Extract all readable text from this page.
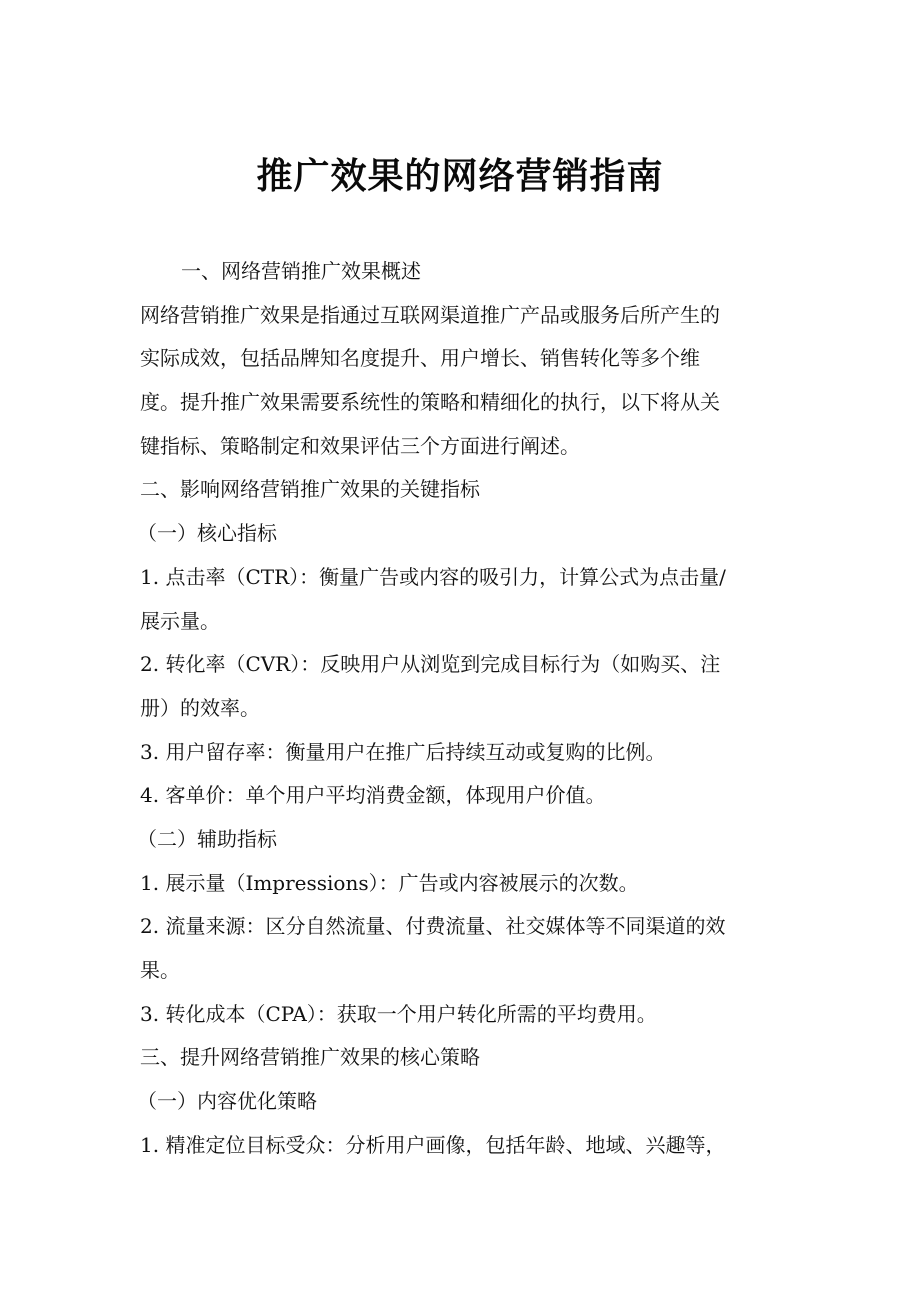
推广效果的网络营销指南
一、网络营销推广效果概述
网络营销推广效果是指通过互联网渠道推广产品或服务后所产生的
实际成效，包括品牌知名度提升、用户增长、销售转化等多个维
度。提升推广效果需要系统性的策略和精细化的执行，以下将从关
键指标、策略制定和效果评估三个方面进行阐述。
二、影响网络营销推广效果的关键指标
（一）核心指标
1. 点击率（CTR）：衡量广告或内容的吸引力，计算公式为点击量/
展示量。
2. 转化率（CVR）：反映用户从浏览到完成目标行为（如购买、注
册）的效率。
3. 用户留存率：衡量用户在推广后持续互动或复购的比例。
4. 客单价：单个用户平均消费金额，体现用户价值。
（二）辅助指标
1. 展示量（Impressions）：广告或内容被展示的次数。
2. 流量来源：区分自然流量、付费流量、社交媒体等不同渠道的效
果。
3. 转化成本（CPA）：获取一个用户转化所需的平均费用。
三、提升网络营销推广效果的核心策略
（一）内容优化策略
1. 精准定位目标受众：分析用户画像，包括年龄、地域、兴趣等，
